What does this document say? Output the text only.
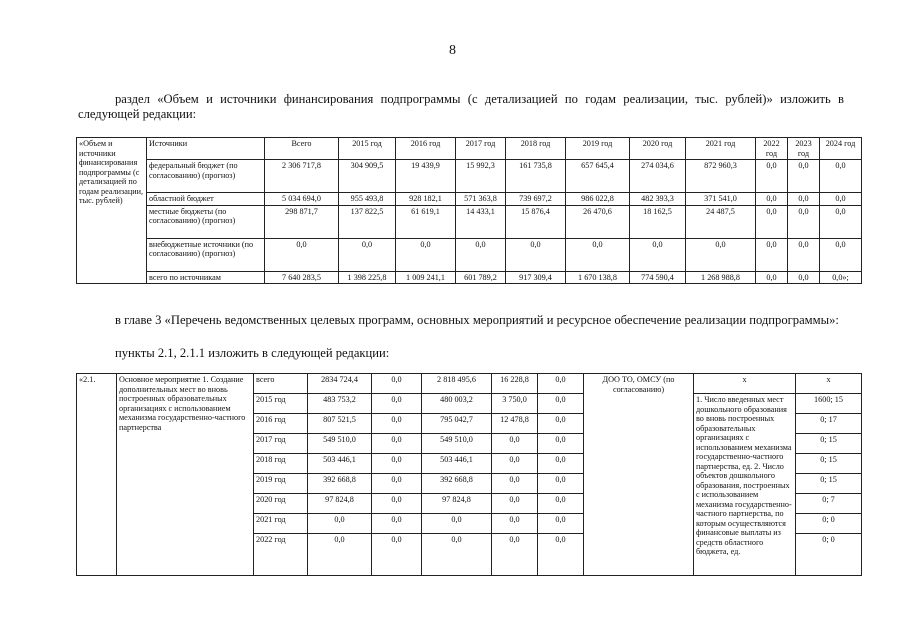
8
раздел «Объем и источники финансирования подпрограммы (с детализацией по годам реализации, тыс. рублей)» изложить в следующей редакции:
«Объем и источники финансирования подпрограммы (с детализацией по годам реализации, тыс. рублей)	Источники	Всего	2015 год	2016 год	2017 год	2018 год	2019 год	2020 год	2021 год	2022 год	2023 год	2024 год
	федеральный бюджет (по согласованию) (прогноз)	2 306 717,8	304 909,5	19 439,9	15 992,3	161 735,8	657 645,4	274 034,6	872 960,3	0,0	0,0	0,0
	областной бюджет	5 034 694,0	955 493,8	928 182,1	571 363,8	739 697,2	986 022,8	482 393,3	371 541,0	0,0	0,0	0,0
	местные бюджеты (по согласованию) (прогноз)	298 871,7	137 822,5	61 619,1	14 433,1	15 876,4	26 470,6	18 162,5	24 487,5	0,0	0,0	0,0
	внебюджетные источники (по согласованию) (прогноз)	0,0	0,0	0,0	0,0	0,0	0,0	0,0	0,0	0,0	0,0	0,0
	всего по источникам	7 640 283,5	1 398 225,8	1 009 241,1	601 789,2	917 309,4	1 670 138,8	774 590,4	1 268 988,8	0,0	0,0	0,0»;
в главе 3 «Перечень ведомственных целевых программ, основных мероприятий и ресурсное обеспечение реализации подпрограммы»:
пункты 2.1, 2.1.1 изложить в следующей редакции:
«2.1.	Основное мероприятие 1. Создание дополнительных мест во вновь построенных образовательных организациях с использованием механизма государственно-частного партнерства	всего	2834 724,4	0,0	2 818 495,6	16 228,8	0,0	ДОО ТО, ОМСУ (по согласованию)	x	x
		2015 год	483 753,2	0,0	480 003,2	3 750,0	0,0		1. Число введенных мест дошкольного образования во вновь построенных образовательных организациях с использованием механизма государственно-частного партнерства, ед. 2. Число объектов дошкольного образования, построенных с использованием механизма государственно-частного партнерства, по которым осуществляются финансовые выплаты из средств областного бюджета, ед.	1600; 15
		2016 год	807 521,5	0,0	795 042,7	12 478,8	0,0			0; 17
		2017 год	549 510,0	0,0	549 510,0	0,0	0,0			0; 15
		2018 год	503 446,1	0,0	503 446,1	0,0	0,0			0; 15
		2019 год	392 668,8	0,0	392 668,8	0,0	0,0			0; 15
		2020 год	97 824,8	0,0	97 824,8	0,0	0,0			0; 7
		2021 год	0,0	0,0	0,0	0,0	0,0			0; 0
		2022 год	0,0	0,0	0,0	0,0	0,0			0; 0
